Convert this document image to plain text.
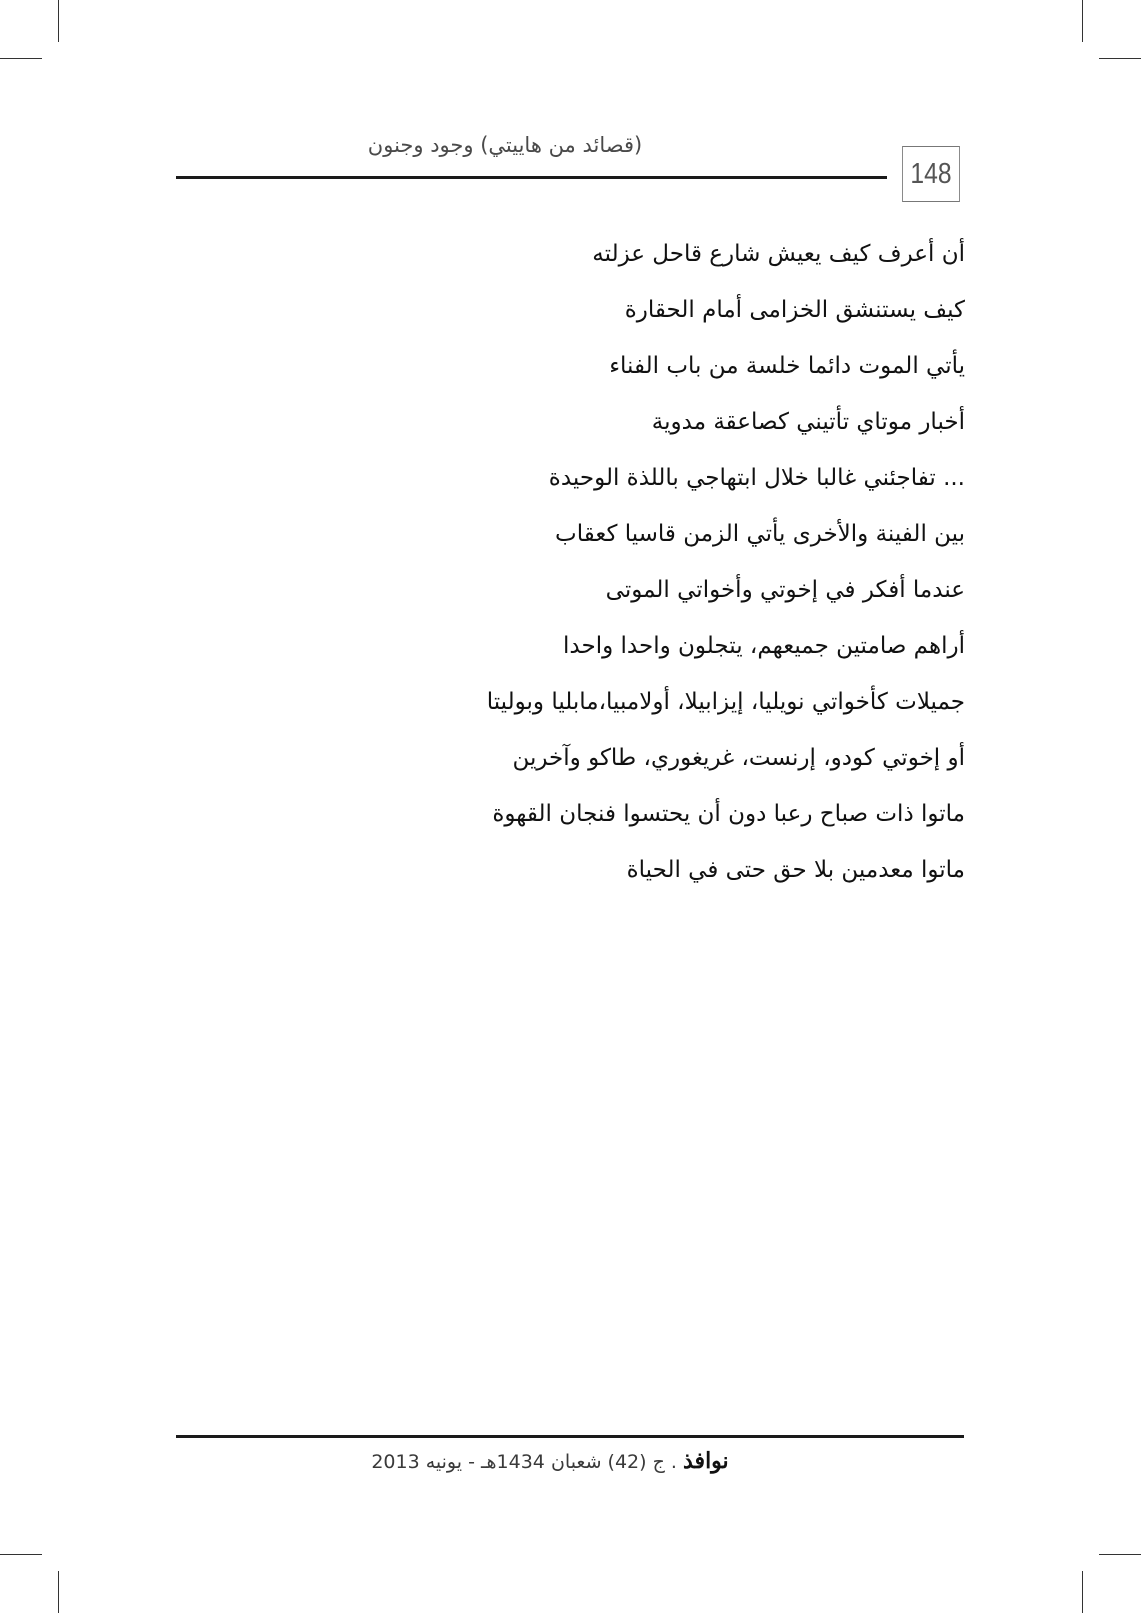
(قصائد من هاييتي) وجود وجنون
148
أن أعرف كيف يعيش شارع قاحل عزلته
كيف يستنشق الخزامى أمام الحقارة
يأتي الموت دائما خلسة من باب الفناء
أخبار موتاي تأتيني كصاعقة مدوية
... تفاجئني غالبا خلال ابتهاجي باللذة الوحيدة
بين الفينة والأخرى يأتي الزمن قاسيا كعقاب
عندما أفكر في إخوتي وأخواتي الموتى
أراهم صامتين جميعهم، يتجلون واحدا واحدا
جميلات كأخواتي نويليا، إيزابيلا، أولامبيا،مابليا وبوليتا
أو إخوتي كودو، إرنست، غريغوري، طاكو وآخرين
ماتوا ذات صباح رعبا دون أن يحتسوا فنجان القهوة
ماتوا معدمين بلا حق حتى في الحياة
نوافذ . ج (42) شعبان 1434هـ - يونيه 2013
